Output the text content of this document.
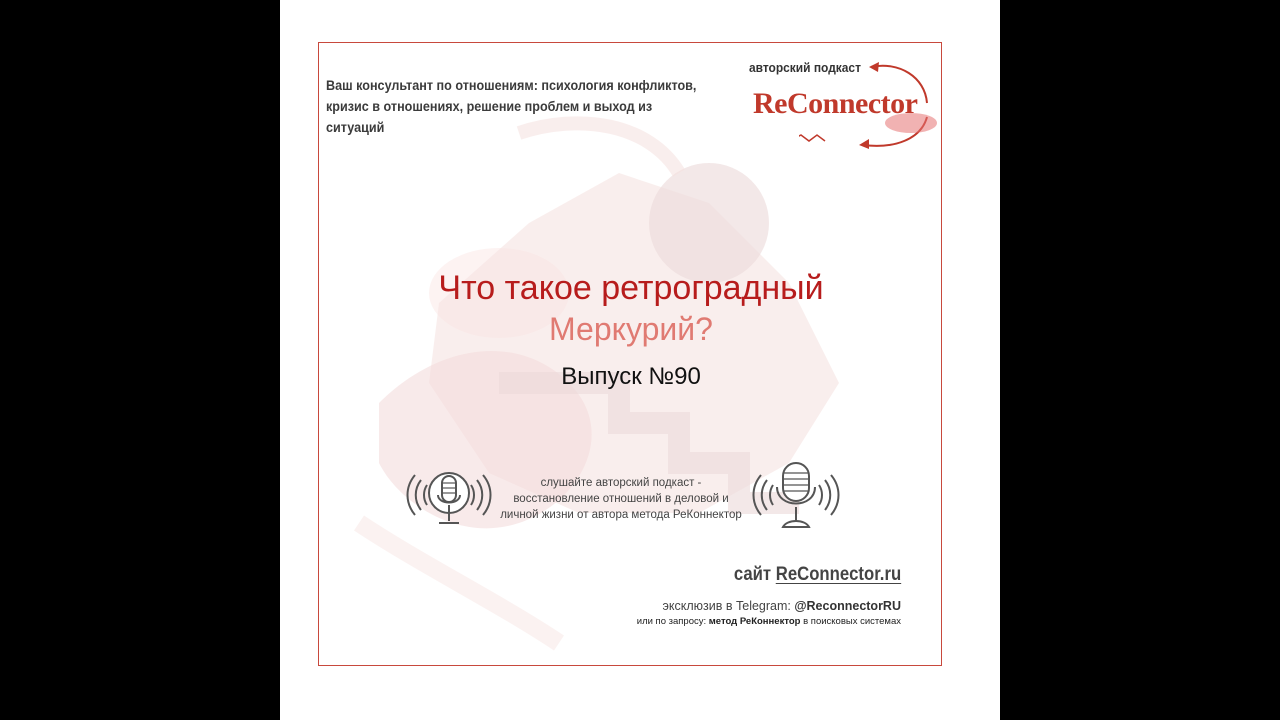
Ваш консультант по отношениям: психология конфликтов,
кризис в отношениях, решение проблем и выход из ситуаций
авторский подкаст
ReConnector
Что такое ретроградный
Меркурий?
Выпуск №90
слушайте авторский подкаст -
восстановление отношений в деловой и
личной жизни от автора метода РеКоннектор
сайт ReConnector.ru
эксклюзив в Telegram: @ReconnectorRU
или по запросу: метод РеКоннектор в поисковых системах
